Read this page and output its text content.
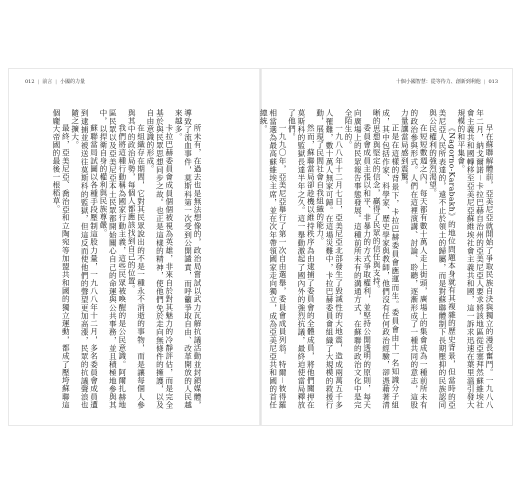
012 | 前言 | 小國的力量

所未有，在過去也是無法想像的，政治局嘗試以武力瓦解抗議活動並封鎖媒體，導致了流血事件，莫斯科第一次受到公開譴責，而呼籲爭取自由、改革開放的人民越來越多。

卡拉巴赫委員會成員個個被視為英雄，非來自於對其魅力的冷靜評估，而是完全基於與民眾思想同步之故。也正是這樣的精神，使他們免於走向無條件的擁護，以及自由意識的形成。

在組織存在期間，它對其民眾說出的不是一種永不消逝的事物，而是讓每個人參與其中的政治局勢，每個人都應該找到自己的位置。

我們將這種行動稱為國家行動主義，這些民眾被喚醒的是公民意識。阿爾扎赫地區民眾以及亞美尼亞本土民眾都開始關心自己的命運與公共事務，並且積極地參與其中，以捍衛自身的權利與民族尊嚴。

蘇聯當局試圖以各種手段壓制這股力量，一九八八年十二月，多名委員會成員遭到逮捕並被送往莫斯科的監獄，但這反而使他們的聲望更加高漲，民眾的抗議聲浪也隨之擴大。

最終，亞美尼亞、喬治亞和立陶宛等加盟共和國的獨立運動，都成了壓垮蘇聯這個龐大帝國的最後一根稻草。

十個小國智慧：從等待力、創新到利他 | 013

早在蘇聯解體前，亞美尼亞就開始了爭取民族自決與獨立的漫長奮鬥。一九八八年二月，納戈爾諾－卡拉巴赫自治州的亞美尼亞人要求將該地區從亞塞拜然蘇維埃社會主義共和國轉移至亞美尼亞蘇維埃社會主義共和國，這一訴求迅速在葉里溫引發大規模的和平集會。

《Nagorno-Karabakh》的地位問題本身就有其複雜的歷史背景，但當時的亞美尼亞人民所表達的，遠不止於領土的歸屬，而是對蘇聯體制下長期壓抑的民族認同與公民權利的強烈渴望。

在短短數週之內，每天都有數十萬人走上街頭，廣場上的集會成為一種前所未有的政治參與形式。人們在這裡演講、討論、聆聽，逐漸形成了一種共同的意志，這股力量讓當局感到震驚。

正是在這樣的背景下，卡拉巴赫委員會應運而生。委員會由十一名知識分子組成，其中包括作家、科學家、歷史學家與教師，他們沒有任何政治經驗，卻憑藉著清晰的思想與堅定的信念，贏得了民眾的信任與支持。

委員會成員主張以和平、非暴力的方式爭取權利，並堅持公開透明的原則，每天向廣場上的民眾報告事態發展。這種前所未有的溝通方式，在蘇聯的政治文化中是完全陌生的。

一九八八年十二月七日，亞美尼亞北部發生了毀滅性的大地震，造成兩萬五千多人罹難，數十萬人無家可歸。在這場災難中，卡拉巴赫委員會組織了大規模的救援行動，展現了民間社會自我組織的能力。

然而，蘇聯當局卻趁機以維持秩序為由逮捕了委員會的全體成員，將他們關押在莫斯科的監獄長達半年之久。這一舉動激起了國內外的強烈抗議，最終迫使當局釋放了他們。

一九九〇年，亞美尼亞舉行了第一次自由選舉，委員會成員列翁．特爾－彼得羅相當選為最高蘇維埃主席，並在次年帶領國家走向獨立，成為亞美尼亞共和國的首任總統。
